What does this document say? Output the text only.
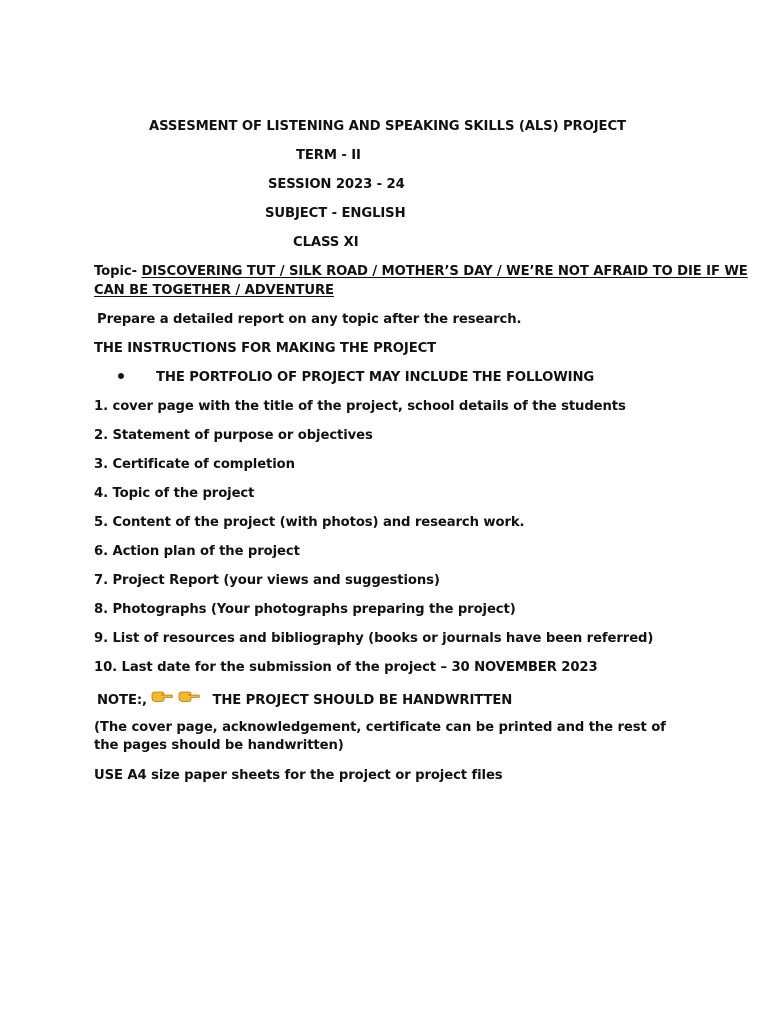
ASSESMENT OF LISTENING AND SPEAKING SKILLS (ALS) PROJECT
TERM - II
SESSION 2023 - 24
SUBJECT - ENGLISH
CLASS XI
Topic- DISCOVERING TUT / SILK ROAD / MOTHER’S DAY / WE’RE NOT AFRAID TO DIE IF WE
CAN BE TOGETHER / ADVENTURE
Prepare a detailed report on any topic after the research.
THE INSTRUCTIONS FOR MAKING THE PROJECT
THE PORTFOLIO OF PROJECT MAY INCLUDE THE FOLLOWING
1. cover page with the title of the project, school details of the students
2. Statement of purpose or objectives
3. Certificate of completion
4. Topic of the project
5. Content of the project (with photos) and research work.
6. Action plan of the project
7. Project Report (your views and suggestions)
8. Photographs (Your photographs preparing the project)
9. List of resources and bibliography (books or journals have been referred)
10. Last date for the submission of the project – 30 NOVEMBER 2023
NOTE:,	THE PROJECT SHOULD BE HANDWRITTEN
(The cover page, acknowledgement, certificate can be printed and the rest of the pages should be handwritten)
USE A4 size paper sheets for the project or project files
